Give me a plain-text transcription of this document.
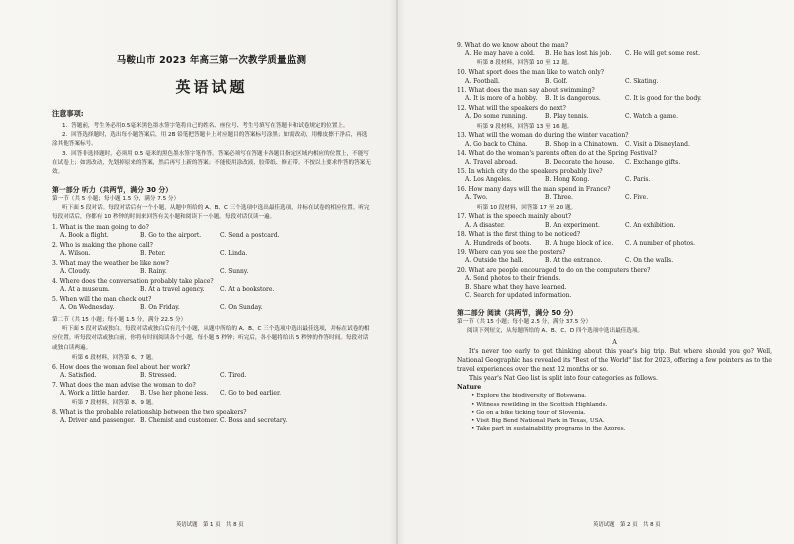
马鞍山市 2023 年高三第一次教学质量监测

英语试题

注意事项:

1．答题前，考生务必用0.5毫米黑色墨水签字笔将自己的姓名、座位号、考生号填写在答题卡和试卷规定的位置上。

2．回答选择题时，选出每小题答案后，用 2B 铅笔把答题卡上对应题目的答案标号涂黑；如需改动，用橡皮擦干净后，再选涂其他答案标号。

3．回答非选择题时，必须用 0.5 毫米的黑色墨水签字笔作答。答案必须写在答题卡各题目指定区域内相应的位置上，不能写在试卷上；如需改动，先划掉原来的答案，然后再写上新的答案；不能使用涂改液、胶带纸、修正带。不按以上要求作答的答案无效。

第一部分 听力（共两节，满分 30 分）

第一节（共 5 小题；每小题 1.5 分，满分 7.5 分）

听下面 5 段对话。每段对话后有一个小题，从题中所给的 A、B、C 三个选项中选出最佳选项，并标在试卷的相应位置。听完每段对话后，你都有 10 秒钟的时间来回答有关小题和阅读下一小题。每段对话仅读一遍。

1. What is the man going to do?

A. Book a flight.	B. Go to the airport.	C. Send a postcard.

2. Who is making the phone call?

A. Wilson.	B. Peter.	C. Linda.

3. What may the weather be like now?

A. Cloudy.	B. Rainy.	C. Sunny.

4. Where does the conversation probably take place?

A. At a museum.	B. At a travel agency.	C. At a bookstore.

5. When will the man check out?

A. On Wednesday.	B. On Friday.	C. On Sunday.

第二节（共 15 小题；每小题 1.5 分，满分 22.5 分）

听下面 5 段对话或独白。每段对话或独白后有几个小题，从题中所给的 A、B、C 三个选项中选出最佳选项，并标在试卷的相应位置。听每段对话或独白前，你将有时间阅读各个小题，每小题 5 秒钟；听完后，各小题将给出 5 秒钟的作答时间。每段对话或独白读两遍。

听第 6 段材料，回答第 6、7 题。

6. How does the woman feel about her work?

A. Satisfied.	B. Stressed.	C. Tired.

7. What does the man advise the woman to do?

A. Work a little harder.	B. Use her phone less.	C. Go to bed earlier.

听第 7 段材料，回答第 8、9 题。

8. What is the probable relationship between the two speakers?

A. Driver and passenger. B. Chemist and customer. C. Boss and secretary.
英语试题　第 1 页　共 8 页

9. What do we know about the man?

A. He may have a cold.	B. He has lost his job.	C. He will get some rest.

听第 8 段材料，回答第 10 至 12 题。

10. What sport does the man like to watch only?

A. Football.	B. Golf.	C. Skating.

11. What does the man say about swimming?

A. It is more of a hobby.	B. It is dangerous.	C. It is good for the body.

12. What will the speakers do next?

A. Do some running.	B. Play tennis.	C. Watch a game.

听第 9 段材料，回答第 13 至 16 题。

13. What will the woman do during the winter vacation?

A. Go back to China.	B. Shop in a Chinatown.	C. Visit a Disneyland.

14. What do the woman's parents often do at the Spring Festival?

A. Travel abroad.	B. Decorate the house.	C. Exchange gifts.

15. In which city do the speakers probably live?

A. Los Angeles.	B. Hong Kong.	C. Paris.

16. How many days will the man spend in France?

A. Two.	B. Three.	C. Five.

听第 10 段材料，回答第 17 至 20 题。

17. What is the speech mainly about?

A. A disaster.	B. An experiment.	C. An exhibition.

18. What is the first thing to be noticed?

A. Hundreds of boots.	B. A huge block of ice.	C. A number of photos.

19. Where can you see the posters?

A. Outside the hall.	B. At the entrance.	C. On the walls.

20. What are people encouraged to do on the computers there?

A. Send photos to their friends.

B. Share what they have learned.

C. Search for updated information.

第二部分 阅读（共两节，满分 50 分）

第一节（共 15 小题；每小题 2.5 分，满分 37.5 分）

阅读下列短文，从每题所给的 A、B、C、D 四个选项中选出最佳选项。

A

It's never too early to get thinking about this year's big trip. But where should you go? Well, National Geographic has revealed its "Best of the World" list for 2023, offering a few pointers as to the travel experiences over the next 12 months or so.

This year's Nat Geo list is split into four categories as follows.

Nature

• Explore the biodiversity of Botswana.

• Witness rewilding in the Scottish Highlands.

• Go on a bike ticking tour of Slovenia.

• Visit Big Bend National Park in Texas, USA.

• Take part in sustainability programs in the Azores.

英语试题　第 2 页　共 8 页
